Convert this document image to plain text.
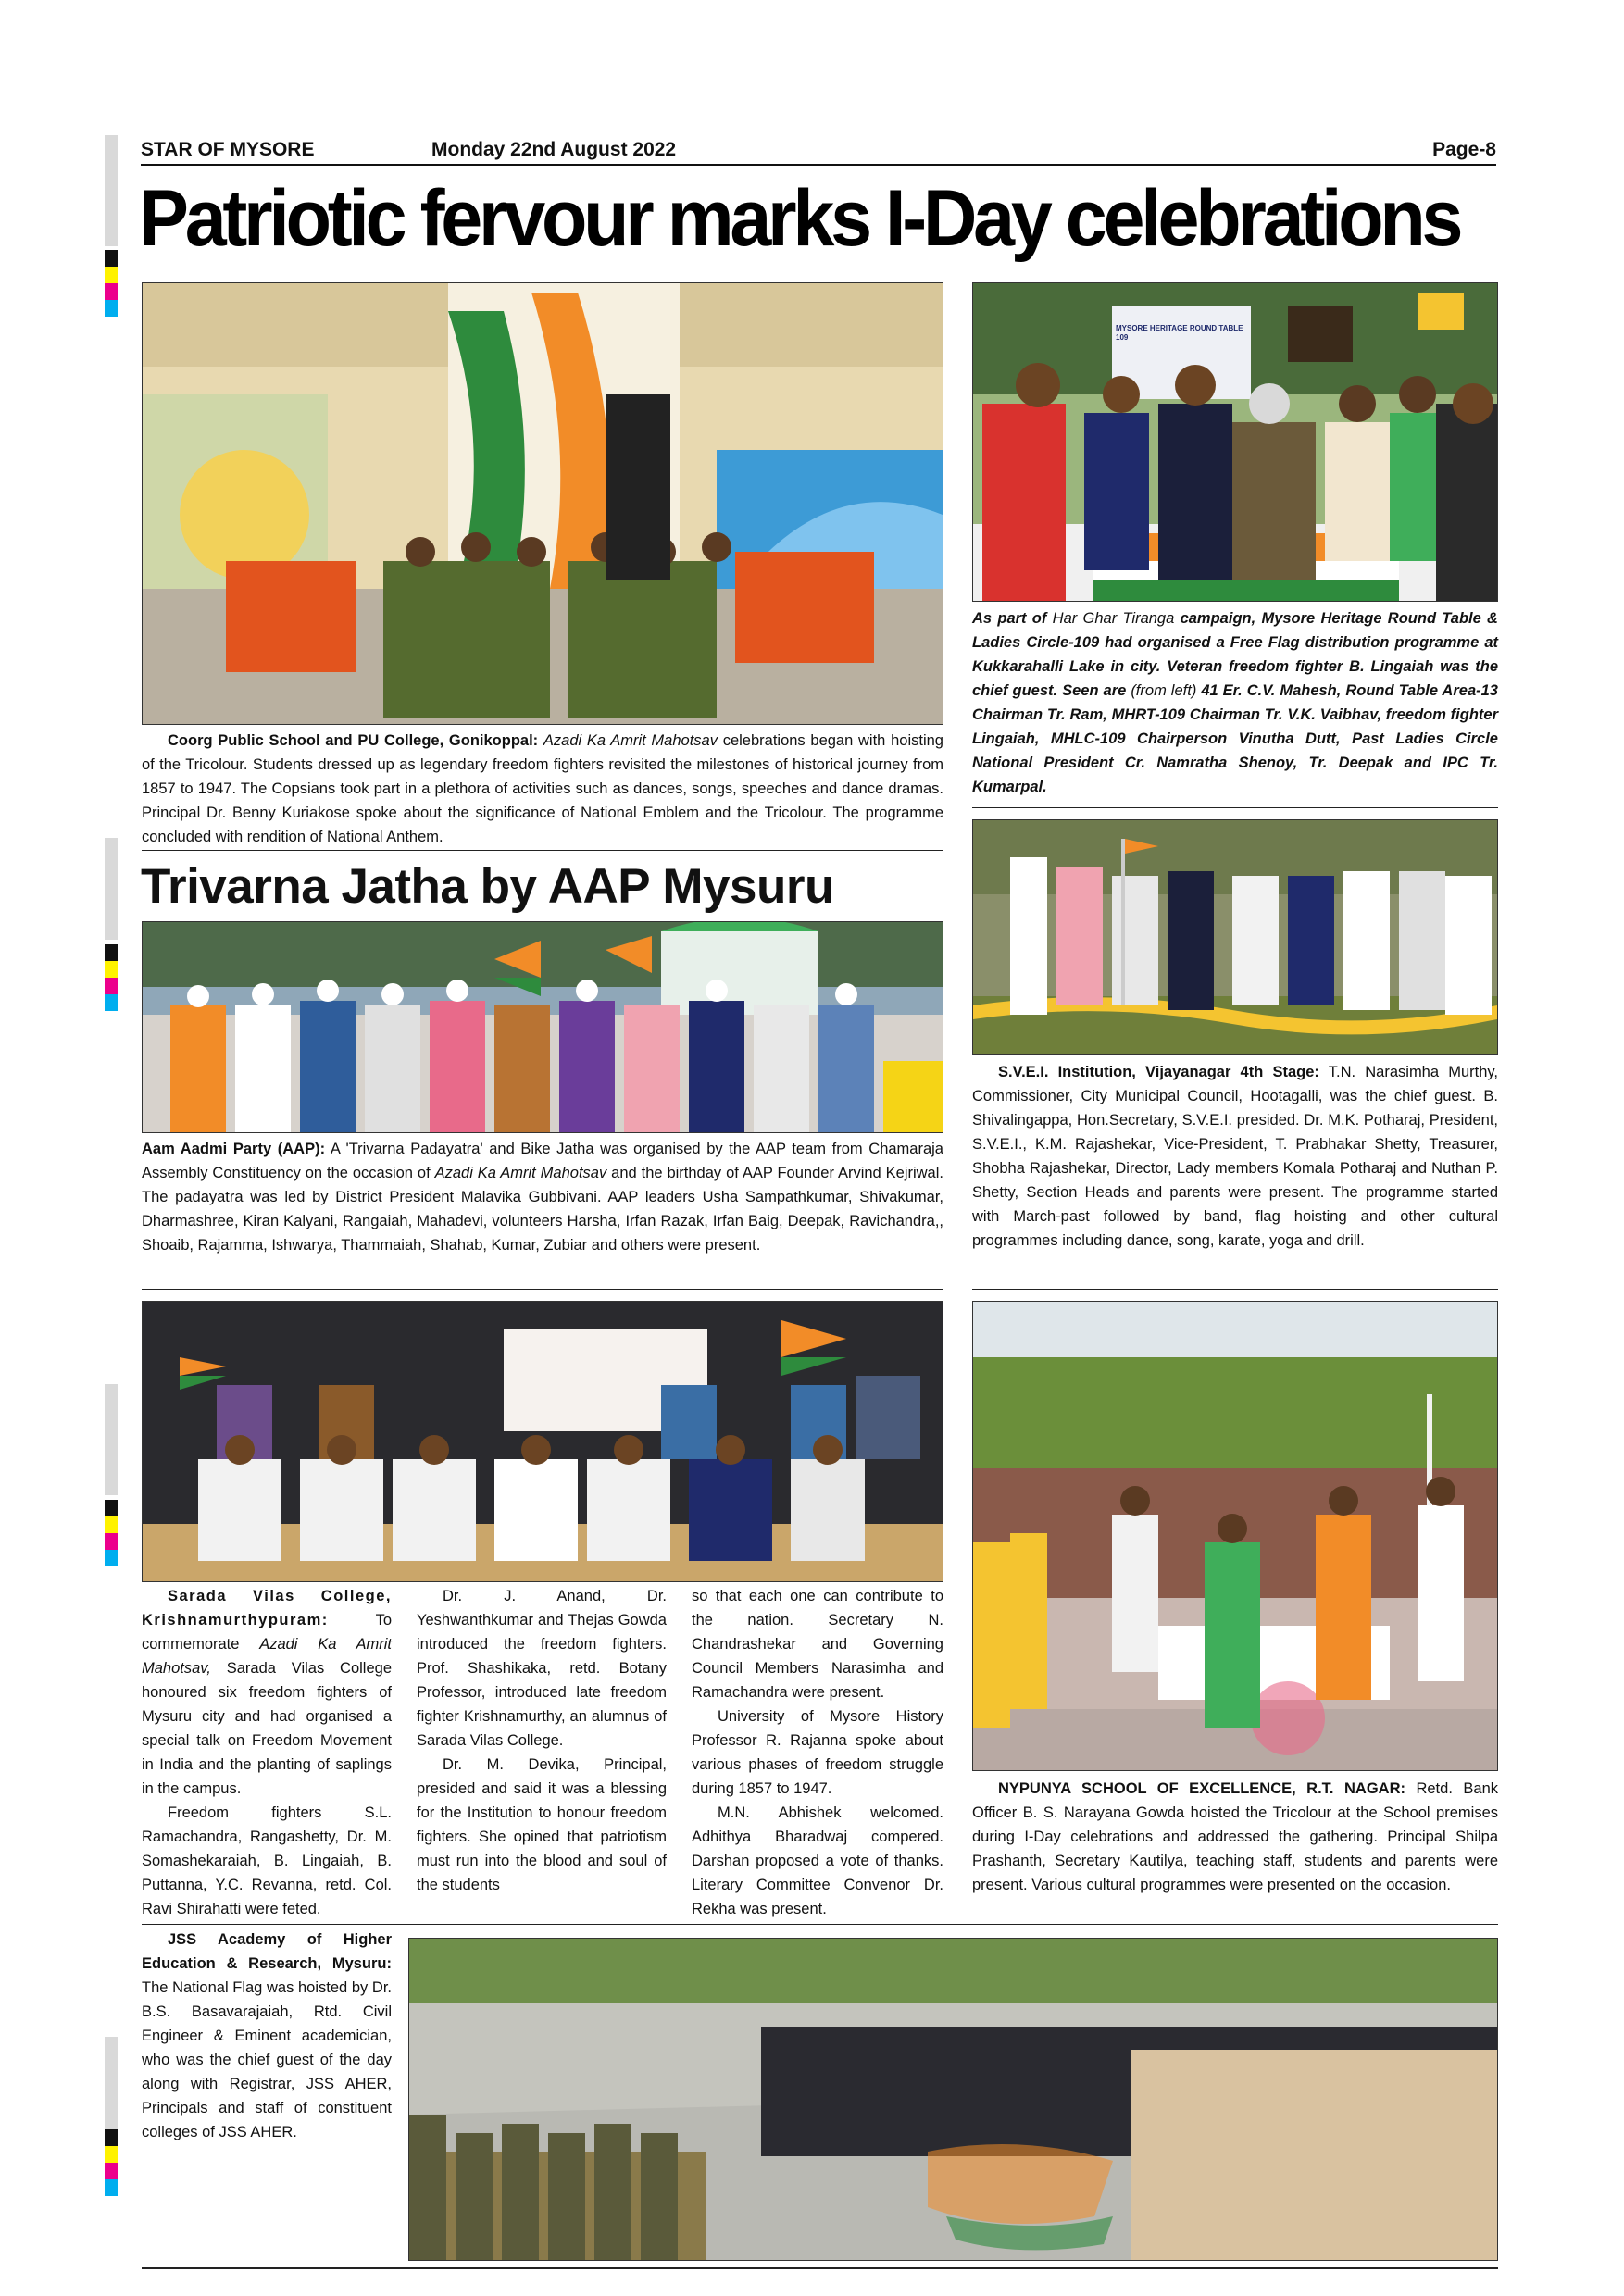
STAR OF MYSORE	Monday 22nd August 2022	Page-8
Patriotic fervour marks I-Day celebrations

Coorg Public School and PU College, Gonikoppal: Azadi Ka Amrit Mahotsav celebrations began with hoisting of the Tricolour. Students dressed up as legendary freedom fighters revisited the milestones of historical journey from 1857 to 1947. The Copsians took part in a plethora of activities such as dances, songs, speeches and dance dramas. Principal Dr. Benny Kuriakose spoke about the significance of National Emblem and the Tricolour. The programme concluded with rendition of National Anthem.

Trivarna Jatha by AAP Mysuru

Aam Aadmi Party (AAP): A 'Trivarna Padayatra' and Bike Jatha was organised by the AAP team from Chamaraja Assembly Constituency on the occasion of Azadi Ka Amrit Mahotsav and the birthday of AAP Founder Arvind Kejriwal. The padayatra was led by District President Malavika Gubbivani. AAP leaders Usha Sampathkumar, Shivakumar, Dharmashree, Kiran Kalyani, Rangaiah, Mahadevi, volunteers Harsha, Irfan Razak, Irfan Baig, Deepak, Ravichandra,, Shoaib, Rajamma, Ishwarya, Thammaiah, Shahab, Kumar, Zubiar and others were present.

MYSORE HERITAGE ROUND TABLE 109

As part of Har Ghar Tiranga campaign, Mysore Heritage Round Table & Ladies Circle-109 had organised a Free Flag distribution programme at Kukkarahalli Lake in city. Veteran freedom fighter B. Lingaiah was the chief guest. Seen are (from left) 41 Er. C.V. Mahesh, Round Table Area-13 Chairman Tr. Ram, MHRT-109 Chairman Tr. V.K. Vaibhav, freedom fighter Lingaiah, MHLC-109 Chairperson Vinutha Dutt, Past Ladies Circle National President Cr. Namratha Shenoy, Tr. Deepak and IPC Tr. Kumarpal.

S.V.E.I. Institution, Vijayanagar 4th Stage: T.N. Narasimha Murthy, Commissioner, City Municipal Council, Hootagalli, was the chief guest. B. Shivalingappa, Hon.Secretary, S.V.E.I. presided. Dr. M.K. Potharaj, President, S.V.E.I., K.M. Rajashekar, Vice-President, T. Prabhakar Shetty, Treasurer, Shobha Rajashekar, Director, Lady members Komala Potharaj and Nuthan P. Shetty, Section Heads and parents were present. The programme started with March-past followed by band, flag hoisting and other cultural programmes including dance, song, karate, yoga and drill.

Sarada Vilas College, Krishnamurthypuram:	To commemorate Azadi Ka Amrit Mahotsav, Sarada Vilas College honoured six freedom fighters of Mysuru city and had organised a special talk on Freedom Movement in India and the planting of saplings in the campus.

Freedom fighters S.L. Ramachandra, Rangashetty, Dr. M. Somashekaraiah, B. Lingaiah, B. Puttanna, Y.C. Revanna, retd. Col. Ravi Shirahatti were feted.

Dr. J. Anand, Dr. Yeshwanthkumar and Thejas Gowda introduced the freedom fighters. Prof. Shashikaka, retd. Botany Professor, introduced late freedom fighter Krishnamurthy, an alumnus of Sarada Vilas College.

Dr. M. Devika, Principal, presided and said it was a blessing for the Institution to honour freedom fighters. She opined that patriotism must run into the blood and soul of the students

so that each one can contribute to the nation. Secretary N. Chandrashekar and Governing Council Members Narasimha and Ramachandra were present.

University of Mysore History Professor R. Rajanna spoke about various phases of freedom struggle during 1857 to 1947.

M.N. Abhishek welcomed. Adhithya Bharadwaj compered. Darshan proposed a vote of thanks. Literary Committee Convenor Dr. Rekha was present.

NYPUNYA SCHOOL OF EXCELLENCE, R.T. NAGAR: Retd. Bank Officer B. S. Narayana Gowda hoisted the Tricolour at the School premises during I-Day celebrations and addressed the gathering. Principal Shilpa Prashanth, Secretary Kautilya, teaching staff, students and parents were present. Various cultural programmes were presented on the occasion.

JSS Academy of Higher Education & Research, Mysuru: The National Flag was hoisted by Dr. B.S. Basavarajaiah, Rtd. Civil Engineer & Eminent academician, who was the chief guest of the day along with Registrar, JSS AHER, Principals and staff of constituent colleges of JSS AHER.
